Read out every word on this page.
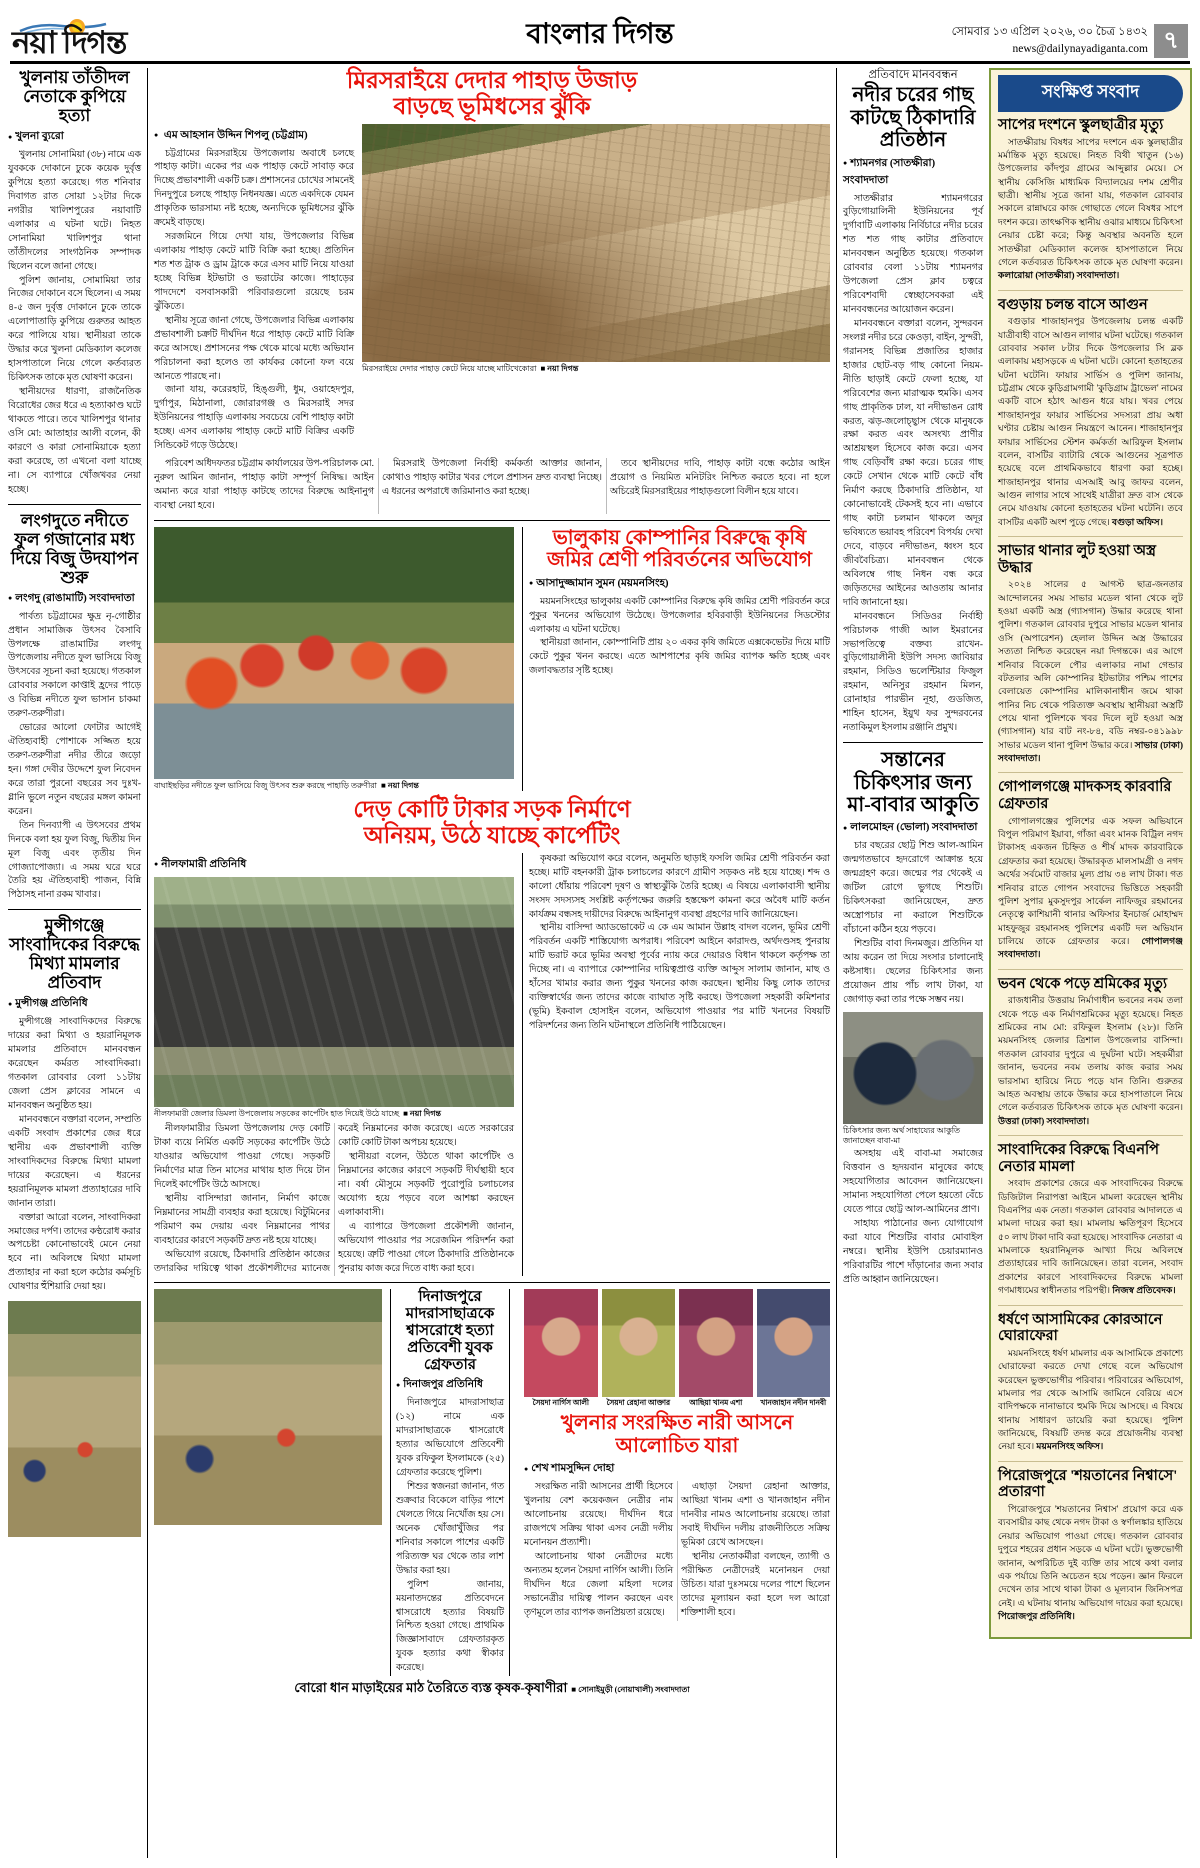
নয়া দিগন্ত	বাংলার দিগন্ত	সোমবার ১৩ এপ্রিল ২০২৬, ৩০ চৈত্র ১৪৩২
news@dailynayadiganta.com ৭
খুলনায় তাঁতীদল নেতাকে কুপিয়ে হত্যা
● খুলনা ব্যুরো

খুলনায় সোনামিয়া (৩৮) নামে এক যুবককে দোকানে ঢুকে কয়েক দুর্বৃত্ত কুপিয়ে হত্যা করেছে। গত শনিবার দিবাগত রাত সোয়া ১২টার দিকে নগরীর খালিশপুরের নয়াবাটি এলাকার এ ঘটনা ঘটে। নিহত সোনামিয়া খালিশপুর থানা তাঁতীদলের সাংগঠনিক সম্পাদক ছিলেন বলে জানা গেছে।

পুলিশ জানায়, সোমামিয়া তার নিজের দোকানে বসে ছিলেন। এ সময় ৪-৫ জন দুর্বৃত্ত দোকানে ঢুকে তাকে এলোপাতাড়ি কুপিয়ে গুরুতর আহত করে পালিয়ে যায়। স্থানীয়রা তাকে উদ্ধার করে খুলনা মেডিক্যাল কলেজ হাসপাতালে নিয়ে গেলে কর্তব্যরত চিকিৎসক তাকে মৃত ঘোষণা করেন।

স্থানীয়দের ধারণা, রাজনৈতিক বিরোধের জের ধরে এ হত্যাকাণ্ড ঘটে থাকতে পারে। তবে খালিশপুর থানার ওসি মো: আতাহার আলী বলেন, কী কারণে ও কারা সোনামিয়াকে হত্যা করা করেছে, তা এখনো বলা যাচ্ছে না। সে ব্যাপারে খোঁজখবর নেয়া হচ্ছে।

লংগদুতে নদীতে ফুল গজানোর মধ্য দিয়ে বিজু উদযাপন শুরু
● লংগদু (রাঙামাটি) সংবাদদাতা

পার্বত্য চট্টগ্রামের ক্ষুদ্র নৃ-গোষ্ঠীর প্রধান সামাজিক উৎসব বৈসাবি উপলক্ষে রাঙামাটির লংগদু উপজেলায় নদীতে ফুল ভাসিয়ে বিজু উৎসবের সূচনা করা হয়েছে। গতকাল রোববার সকালে কাপ্তাই হ্রদের পাড়ে ও বিভিন্ন নদীতে ফুল ভাসান চাকমা তরুণ-তরুণীরা।

ভোরের আলো ফোটার আগেই ঐতিহ্যবাহী পোশাকে সজ্জিত হয়ে তরুণ-তরুণীরা নদীর তীরে জড়ো হন। গঙ্গা দেবীর উদ্দেশে ফুল নিবেদন করে তারা পুরনো বছরের সব দুঃখ-গ্লানি ভুলে নতুন বছরের মঙ্গল কামনা করেন।

তিন দিনব্যাপী এ উৎসবের প্রথম দিনকে বলা হয় ফুল বিজু, দ্বিতীয় দিন মূল বিজু এবং তৃতীয় দিন গোজ্যাপোজ্যা। এ সময় ঘরে ঘরে তৈরি হয় ঐতিহ্যবাহী পাজন, বিন্নি পিঠাসহ নানা রকম খাবার।

মুন্সীগঞ্জে সাংবাদিকের বিরুদ্ধে মিথ্যা মামলার প্রতিবাদ
● মুন্সীগঞ্জ প্রতিনিধি

মুন্সীগঞ্জে সাংবাদিকদের বিরুদ্ধে দায়ের করা মিথ্যা ও হয়রানিমূলক মামলার প্রতিবাদে মানববন্ধন করেছেন কর্মরত সাংবাদিকরা। গতকাল রোববার বেলা ১১টায় জেলা প্রেস ক্লাবের সামনে এ মানববন্ধন অনুষ্ঠিত হয়।

মানববন্ধনে বক্তারা বলেন, সম্প্রতি একটি সংবাদ প্রকাশের জের ধরে স্থানীয় এক প্রভাবশালী ব্যক্তি সাংবাদিকদের বিরুদ্ধে মিথ্যা মামলা দায়ের করেছেন। এ ধরনের হয়রানিমূলক মামলা প্রত্যাহারের দাবি জানান তারা।

বক্তারা আরো বলেন, সাংবাদিকরা সমাজের দর্পণ। তাদের কণ্ঠরোধ করার অপচেষ্টা কোনোভাবেই মেনে নেয়া হবে না। অবিলম্বে মিথ্যা মামলা প্রত্যাহার না করা হলে কঠোর কর্মসূচি ঘোষণার হুঁশিয়ারি দেয়া হয়।

মিরসরাইয়ে দেদার পাহাড় উজাড়
বাড়ছে ভূমিধসের ঝুঁকি
● এম আহসান উদ্দিন শিপলু (চট্টগ্রাম)

চট্টগ্রামের মিরসরাইয়ে উপজেলায় অবাধে চলছে পাহাড় কাটা। একের পর এক পাহাড় কেটে সাবাড় করে দিচ্ছে প্রভাবশালী একটি চক্র। প্রশাসনের চোখের সামনেই দিনদুপুরে চলছে পাহাড় নিধনযজ্ঞ। এতে একদিকে যেমন প্রাকৃতিক ভারসাম্য নষ্ট হচ্ছে, অন্যদিকে ভূমিধসের ঝুঁকি ক্রমেই বাড়ছে।

সরজমিনে গিয়ে দেখা যায়, উপজেলার বিভিন্ন এলাকায় পাহাড় কেটে মাটি বিক্রি করা হচ্ছে। প্রতিদিন শত শত ট্রাক ও ড্রাম ট্রাকে করে এসব মাটি নিয়ে যাওয়া হচ্ছে বিভিন্ন ইটভাটা ও ভরাটের কাজে। পাহাড়ের পাদদেশে বসবাসকারী পরিবারগুলো রয়েছে চরম ঝুঁকিতে।

স্থানীয় সূত্রে জানা গেছে, উপজেলার বিভিন্ন এলাকায় প্রভাবশালী চক্রটি দীর্ঘদিন ধরে পাহাড় কেটে মাটি বিক্রি করে আসছে। প্রশাসনের পক্ষ থেকে মাঝে মধ্যে অভিযান পরিচালনা করা হলেও তা কার্যকর কোনো ফল বয়ে আনতে পারছে না।

জানা যায়, করেরহাট, হিঙ্গুলী, ধুম, ওয়াহেদপুর, দুর্গাপুর, মিঠানালা, জোরারগঞ্জ ও মিরসরাই সদর ইউনিয়নের পাহাড়ি এলাকায় সবচেয়ে বেশি পাহাড় কাটা হচ্ছে। এসব এলাকায় পাহাড় কেটে মাটি বিক্রির একটি সিন্ডিকেট গড়ে উঠেছে।

মিরসরাইয়ে দেদার পাহাড় কেটে নিয়ে যাচ্ছে মাটিখেকোরা  ■ নয়া দিগন্ত

পরিবেশ অধিদফতর চট্টগ্রাম কার্যালয়ের উপ-পরিচালক মো. নুরুল আমিন জানান, পাহাড় কাটা সম্পূর্ণ নিষিদ্ধ। আইন অমান্য করে যারা পাহাড় কাটছে তাদের বিরুদ্ধে আইনানুগ ব্যবস্থা নেয়া হবে।

মিরসরাই উপজেলা নির্বাহী কর্মকর্তা আক্তার জানান, কোথাও পাহাড় কাটার খবর পেলে প্রশাসন দ্রুত ব্যবস্থা নিচ্ছে। এ ধরনের অপরাধে জরিমানাও করা হচ্ছে।

তবে স্থানীয়দের দাবি, পাহাড় কাটা বন্ধে কঠোর আইন প্রয়োগ ও নিয়মিত মনিটরিং নিশ্চিত করতে হবে। না হলে অচিরেই মিরসরাইয়ের পাহাড়গুলো বিলীন হয়ে যাবে।

বাঘাইছড়ির নদীতে ফুল ভাসিয়ে বিজু উৎসব শুরু করছে পাহাড়ি তরুণীরা  ■ নয়া দিগন্ত
ভালুকায় কোম্পানির বিরুদ্ধে কৃষি জমির শ্রেণী পরিবর্তনের অভিযোগ
● আসাদুজ্জামান সুমন (ময়মনসিংহ)

ময়মনসিংহের ভালুকায় একটি কোম্পানির বিরুদ্ধে কৃষি জমির শ্রেণী পরিবর্তন করে পুকুর খননের অভিযোগ উঠেছে। উপজেলার হবিরবাড়ী ইউনিয়নের সিডস্টোর এলাকায় এ ঘটনা ঘটেছে।

স্থানীয়রা জানান, কোম্পানিটি প্রায় ২০ একর কৃষি জমিতে এক্সকেভেটর দিয়ে মাটি কেটে পুকুর খনন করছে। এতে আশপাশের কৃষি জমির ব্যাপক ক্ষতি হচ্ছে এবং জলাবদ্ধতার সৃষ্টি হচ্ছে।

দেড় কোটি টাকার সড়ক নির্মাণে
অনিয়ম, উঠে যাচ্ছে কার্পেটিং
● নীলফামারী প্রতিনিধি
নীলফামারী জেলার ডিমলা উপজেলায় সড়কের কার্পেটিং হাত দিয়েই উঠে যাচ্ছে  ■ নয়া দিগন্ত

নীলফামারীর ডিমলা উপজেলায় দেড় কোটি টাকা ব্যয়ে নির্মিত একটি সড়কের কার্পেটিং উঠে যাওয়ার অভিযোগ পাওয়া গেছে। সড়কটি নির্মাণের মাত্র তিন মাসের মাথায় হাত দিয়ে টান দিলেই কার্পেটিং উঠে আসছে।

স্থানীয় বাসিন্দারা জানান, নির্মাণ কাজে নিম্নমানের সামগ্রী ব্যবহার করা হয়েছে। বিটুমিনের পরিমাণ কম দেয়ায় এবং নিম্নমানের পাথর ব্যবহারের কারণে সড়কটি দ্রুত নষ্ট হয়ে যাচ্ছে।

অভিযোগ রয়েছে, ঠিকাদারি প্রতিষ্ঠান কাজের তদারকির দায়িত্বে থাকা প্রকৌশলীদের ম্যানেজ করেই নিম্নমানের কাজ করেছে। এতে সরকারের কোটি কোটি টাকা অপচয় হয়েছে।

স্থানীয়রা বলেন, উঠতে থাকা কার্পেটিং ও নিম্নমানের কাজের কারণে সড়কটি দীর্ঘস্থায়ী হবে না। বর্ষা মৌসুমে সড়কটি পুরোপুরি চলাচলের অযোগ্য হয়ে পড়বে বলে আশঙ্কা করছেন এলাকাবাসী।

এ ব্যাপারে উপজেলা প্রকৌশলী জানান, অভিযোগ পাওয়ার পর সরেজমিন পরিদর্শন করা হয়েছে। ত্রুটি পাওয়া গেলে ঠিকাদারি প্রতিষ্ঠানকে পুনরায় কাজ করে দিতে বাধ্য করা হবে।

কৃষকরা অভিযোগ করে বলেন, অনুমতি ছাড়াই ফসলি জমির শ্রেণী পরিবর্তন করা হচ্ছে। মাটি বহনকারী ট্রাক চলাচলের কারণে গ্রামীণ সড়কও নষ্ট হয়ে যাচ্ছে। শব্দ ও কালো ধোঁয়ায় পরিবেশ দূষণ ও স্বাস্থ্যঝুঁকি তৈরি হচ্ছে। এ বিষয়ে এলাকাবাসী স্থানীয় সংসদ সদস্যসহ সংশ্লিষ্ট কর্তৃপক্ষের জরুরি হস্তক্ষেপ কামনা করে অবৈধ মাটি কর্তন কার্যক্রম বন্ধসহ দায়ীদের বিরুদ্ধে আইনানুগ ব্যবস্থা গ্রহণের দাবি জানিয়েছেন।

স্থানীয় বাসিন্দা অ্যাডভোকেট এ কে এম আমান উল্লাহ বাদল বলেন, ভূমির শ্রেণী পরিবর্তন একটি শাস্তিযোগ্য অপরাধ। পরিবেশ আইনে কারাদণ্ড, অর্থদণ্ডসহ পুনরায় মাটি ভরাট করে ভূমির অবস্থা পূর্বের ন্যায় করে দেয়ারও বিধান থাকলে কর্তৃপক্ষ তা দিচ্ছে না। এ ব্যাপারে কোম্পানির দায়িত্বপ্রাপ্ত ব্যক্তি আব্দুস সালাম জানান, মাছ ও হাঁসের খামার করার জন্য পুকুর খননের কাজ করছেন। স্থানীয় কিছু লোক তাদের ব্যক্তিস্বার্থের জন্য তাদের কাজে ব্যাঘাত সৃষ্টি করছে। উপজেলা সহকারী কমিশনার (ভূমি) ইকবাল হোসাইন বলেন, অভিযোগ পাওয়ার পর মাটি খননের বিষয়টি পরিদর্শনের জন্য তিনি ঘটনাস্থলে প্রতিনিধি পাঠিয়েছেন।

দিনাজপুরে মাদরাসাছাত্রকে শ্বাসরোধে হত্যা
প্রতিবেশী যুবক গ্রেফতার
● দিনাজপুর প্রতিনিধি

দিনাজপুরে মাদরাসাছাত্র (১২) নামে এক মাদরাসাছাত্রকে শ্বাসরোধে হত্যার অভিযোগে প্রতিবেশী যুবক রফিকুল ইসলামকে (২৫) গ্রেফতার করেছে পুলিশ।

শিশুর স্বজনরা জানান, গত শুক্রবার বিকেলে বাড়ির পাশে খেলতে গিয়ে নিখোঁজ হয় সে। অনেক খোঁজাখুঁজির পর শনিবার সকালে পাশের একটি পরিত্যক্ত ঘর থেকে তার লাশ উদ্ধার করা হয়।

পুলিশ জানায়, ময়নাতদন্তের প্রতিবেদনে শ্বাসরোধে হত্যার বিষয়টি নিশ্চিত হওয়া গেছে। প্রাথমিক জিজ্ঞাসাবাদে গ্রেফতারকৃত যুবক হত্যার কথা স্বীকার করেছে।

সৈয়দা নার্গিস আলী	সৈয়দা রেহানা আক্তার	আছিয়া খানম এশা	খানজাহান নদীন দানবী
খুলনার সংরক্ষিত নারী আসনে
আলোচিত যারা
● শেখ শামসুদ্দিন দোহা

সংরক্ষিত নারী আসনের প্রার্থী হিসেবে খুলনায় বেশ কয়েকজন নেত্রীর নাম আলোচনায় রয়েছে। দীর্ঘদিন ধরে রাজপথে সক্রিয় থাকা এসব নেত্রী দলীয় মনোনয়ন প্রত্যাশী।

আলোচনায় থাকা নেত্রীদের মধ্যে অন্যতম হলেন সৈয়দা নার্গিস আলী। তিনি দীর্ঘদিন ধরে জেলা মহিলা দলের সভানেত্রীর দায়িত্ব পালন করছেন এবং তৃণমূলে তার ব্যাপক জনপ্রিয়তা রয়েছে।

এছাড়া সৈয়দা রেহানা আক্তার, আছিয়া খানম এশা ও খানজাহান নদীন দানবীর নামও আলোচনায় রয়েছে। তারা সবাই দীর্ঘদিন দলীয় রাজনীতিতে সক্রিয় ভূমিকা রেখে আসছেন।

স্থানীয় নেতাকর্মীরা বলছেন, ত্যাগী ও পরীক্ষিত নেত্রীদেরই মনোনয়ন দেয়া উচিত। যারা দুঃসময়ে দলের পাশে ছিলেন তাদের মূল্যায়ন করা হলে দল আরো শক্তিশালী হবে।

বোরো ধান মাড়াইয়ের মাঠ তৈরিতে ব্যস্ত কৃষক-কৃষাণীরা  ■ সোনাইমুড়ী (নোয়াখালী) সংবাদদাতা
প্রতিবাদে মানববন্ধন
নদীর চরের গাছ কাটছে ঠিকাদারি প্রতিষ্ঠান
● শ্যামনগর (সাতক্ষীরা) সংবাদদাতা

সাতক্ষীরার শ্যামনগরের বুড়িগোয়ালিনী ইউনিয়নের পূর্ব দুর্গাবাটি এলাকায় নির্বিচারে নদীর চরের শত শত গাছ কাটার প্রতিবাদে মানববন্ধন অনুষ্ঠিত হয়েছে। গতকাল রোববার বেলা ১১টায় শ্যামনগর উপজেলা প্রেস ক্লাব চত্বরে পরিবেশবাদী স্বেচ্ছাসেবকরা এই মানববন্ধনের আয়োজন করেন।

মানববন্ধনে বক্তারা বলেন, সুন্দরবন সংলগ্ন নদীর চরে কেওড়া, বাইন, সুন্দরী, গরানসহ বিভিন্ন প্রজাতির হাজার হাজার ছোট-বড় গাছ কোনো নিয়ম-নীতি ছাড়াই কেটে ফেলা হচ্ছে, যা পরিবেশের জন্য মারাত্মক হুমকি। এসব গাছ প্রাকৃতিক ঢাল, যা নদীভাঙন রোধ করত, ঝড়-জলোচ্ছ্বাস থেকে মানুষকে রক্ষা করত এবং অসংখ্য প্রাণীর আশ্রয়স্থল হিসেবে কাজ করে। এসব গাছ বেড়িবাঁধ রক্ষা করে। চরের গাছ কেটে সেখান থেকে মাটি কেটে বাঁধ নির্মাণ করছে ঠিকাদারি প্রতিষ্ঠান, যা কোনোভাবেই টেকসই হবে না। এভাবে গাছ কাটা চলমান থাকলে অদূর ভবিষ্যতে ভয়াবহ পরিবেশ বিপর্যয় দেখা দেবে, বাড়বে নদীভাঙন, ধ্বংস হবে জীববৈচিত্র্য। মানববন্ধন থেকে অবিলম্বে গাছ নিধন বন্ধ করে জড়িতদের আইনের আওতায় আনার দাবি জানানো হয়।

মানববন্ধনে সিডিওর নির্বাহী পরিচালক গাজী আল ইমরানের সভাপতিত্বে বক্তব্য রাখেন- বুড়িগোয়ালীনী ইউপি সদস্য জাবিয়ার রহমান, সিডিও ভলেন্টিয়ার ফিজুল রহমান, অনিসুর রহমান মিলন, রোনাহার পারভীন নূহা, গুডজিত, শাহিন হাসেন, ইয়ুথ ফর সুন্দরবনের নতাকিমুল ইসলাম রঞ্জানি প্রমুখ।

সন্তানের চিকিৎসার জন্য মা-বাবার আকুতি
● লালমোহন (ভোলা) সংবাদদাতা

চার বছরের ছোট্ট শিশু আল-আমিন জন্মগতভাবে হৃদরোগে আক্রান্ত হয়ে জন্মগ্রহণ করে। জন্মের পর থেকেই এ জটিল রোগে ভুগছে শিশুটি। চিকিৎসকরা জানিয়েছেন, দ্রুত অস্ত্রোপচার না করালে শিশুটিকে বাঁচানো কঠিন হয়ে পড়বে।

শিশুটির বাবা দিনমজুর। প্রতিদিন যা আয় করেন তা দিয়ে সংসার চালানোই কষ্টসাধ্য। ছেলের চিকিৎসার জন্য প্রয়োজন প্রায় পাঁচ লাখ টাকা, যা জোগাড় করা তার পক্ষে সম্ভব নয়।

চিকিৎসার জন্য অর্থ সাহায্যের আকুতি জানাচ্ছেন বাবা-মা

অসহায় এই বাবা-মা সমাজের বিত্তবান ও হৃদয়বান মানুষের কাছে সহযোগিতার আবেদন জানিয়েছেন। সামান্য সহযোগিতা পেলে হয়তো বেঁচে যেতে পারে ছোট্ট আল-আমিনের প্রাণ।

সাহায্য পাঠানোর জন্য যোগাযোগ করা যাবে শিশুটির বাবার মোবাইল নম্বরে। স্থানীয় ইউপি চেয়ারম্যানও পরিবারটির পাশে দাঁড়ানোর জন্য সবার প্রতি আহ্বান জানিয়েছেন।

সংক্ষিপ্ত সংবাদ
সাপের দংশনে স্কুলছাত্রীর মৃত্যু

সাতক্ষীরায় বিষধর সাপের দংশনে এক স্কুলছাত্রীর মর্মান্তিক মৃত্যু হয়েছে। নিহত বিথী খাতুন (১৬) উপজেলার কাঁদপুর গ্রামের আব্দুল্লার মেয়ে। সে স্থানীয় কেসিজি মাধ্যমিক বিদ্যালয়ের দশম শ্রেণীর ছাত্রী। স্থানীয় সূত্রে জানা যায়, গতকাল রোববার সকালে রান্নাঘরে কাজ গোছাতে গেলে বিষধর সাপে দংশন করে। তাৎক্ষণিক স্থানীয় ওঝার মাধ্যমে চিকিৎসা নেয়ার চেষ্টা করে; কিন্তু অবস্থার অবনতি হলে সাতক্ষীরা মেডিক্যাল কলেজ হাসপাতালে নিয়ে গেলে কর্তব্যরত চিকিৎসক তাকে মৃত ঘোষণা করেন। কলারোয়া (সাতক্ষীরা) সংবাদদাতা।

বগুড়ায় চলন্ত বাসে আগুন

বগুড়ার শাজাহানপুর উপজেলায় চলন্ত একটি যাত্রীবাহী বাসে আগুন লাগার ঘটনা ঘটেছে। গতকাল রোববার সকাল ৮টার দিকে উপজেলার সি ব্লক এলাকায় মহাসড়কে এ ঘটনা ঘটে। কোনো হতাহতের ঘটনা ঘটেনি। ফায়ার সার্ভিস ও পুলিশ জানায়, চট্টগ্রাম থেকে কুড়িগ্রামগামী 'কুড়িগ্রাম ট্রাভেল' নামের একটি বাসে হঠাৎ আগুন ধরে যায়। খবর পেয়ে শাজাহানপুর ফায়ার সার্ভিসের সদস্যরা প্রায় অধা ঘণ্টার চেষ্টায় আগুন নিয়ন্ত্রণে আনেন। শাজাহানপুর ফায়ার সার্ভিসের স্টেশন কর্মকর্তা আরিফুল ইসলাম বলেন, বাসটির ব্যাটারি থেকে আগুনের সূত্রপাত হয়েছে বলে প্রাথমিকভাবে ধারণা করা হচ্ছে। শাজাহানপুর থানার এসআই আবু জাফর বলেন, আগুন লাগার সাথে সাথেই যাত্রীরা দ্রুত বাস থেকে নেমে যাওয়ায় কোনো হতাহতের ঘটনা ঘটেনি। তবে বাসটির একটি অংশ পুড়ে গেছে। বগুড়া অফিস।

সাভার থানার লুট হওয়া অস্ত্র উদ্ধার

২০২৪ সালের ৫ আগস্ট ছাত্র-জনতার আন্দোলনের সময় সাভার মডেল থানা থেকে লুট হওয়া একটি অস্ত্র (গ্যাসগান) উদ্ধার করেছে থানা পুলিশ। গতকাল রোববার দুপুরে সাভার মডেল থানার ওসি (অপারেশন) হেলাল উদ্দিন অস্ত্র উদ্ধারের সত্যতা নিশ্চিত করেছেন নয়া দিগন্তকে। এর আগে শনিবার বিকেলে পৌর এলাকার নামা গেন্ডার বটতলার অলি কোম্পানির ইটভাটার পশ্চিম পাশের বেলায়েত কোম্পানির মালিকানাধীন জমে থাকা পানির নিচ থেকে পরিত্যক্ত অবস্থায় স্থানীয়রা অস্ত্রটি পেয়ে থানা পুলিশকে খবর দিলে লুট হওয়া অস্ত্র (গ্যাসগান) যার বাট নং-৮৪, বডি নম্বর-০৪১৯৯৮ সাভার মডেল থানা পুলিশ উদ্ধার করে। সাভার (ঢাকা) সংবাদদাতা।

গোপালগঞ্জে মাদকসহ কারবারি গ্রেফতার

গোপালগঞ্জের পুলিশের এক সফল অভিযানে বিপুল পরিমাণ ইয়াবা, গাঁজা এবং মানক বিট্রিল নগদ টাকাসহ একজন চিহ্নিত ও শীর্ষ মাদক কারবারিকে গ্রেফতার করা হয়েছে। উদ্ধারকৃত মালসামগ্রী ও নগদ অর্থের সর্বমোট বাজার মূল্য প্রায় ৩৪ লাখ টাকা। গত শনিবার রাতে গোপন সংবাদের ভিত্তিতে সহকারী পুলিশ সুপার মুকসুদপুর সার্কেল নাফিজুর রহমানের নেতৃত্বে কাশিয়ানী থানার অফিসার ইনচার্জ মোহাম্মদ মাহফুজুর রহমানসহ পুলিশের একটি দল অভিযান চালিয়ে তাকে গ্রেফতার করে। গোপালগঞ্জ সংবাদদাতা।

ভবন থেকে পড়ে শ্রমিকের মৃত্যু

রাজধানীর উত্তরায় নির্মাণাধীন ভবনের নবম তলা থেকে পড়ে এক নির্মাণশ্রমিকের মৃত্যু হয়েছে। নিহত শ্রমিকের নাম মো: রফিকুল ইসলাম (২৮)। তিনি ময়মনসিংহ জেলার ত্রিশাল উপজেলার বাসিন্দা। গতকাল রোববার দুপুরে এ দুর্ঘটনা ঘটে। সহকর্মীরা জানান, ভবনের নবম তলায় কাজ করার সময় ভারসাম্য হারিয়ে নিচে পড়ে যান তিনি। গুরুতর আহত অবস্থায় তাকে উদ্ধার করে হাসপাতালে নিয়ে গেলে কর্তব্যরত চিকিৎসক তাকে মৃত ঘোষণা করেন। উত্তরা (ঢাকা) সংবাদদাতা।

সাংবাদিকের বিরুদ্ধে বিএনপি নেতার মামলা

সংবাদ প্রকাশের জেরে এক সাংবাদিকের বিরুদ্ধে ডিজিটাল নিরাপত্তা আইনে মামলা করেছেন স্থানীয় বিএনপির এক নেতা। গতকাল রোববার আদালতে এ মামলা দায়ের করা হয়। মামলায় ক্ষতিপূরণ হিসেবে ৫০ লাখ টাকা দাবি করা হয়েছে। সাংবাদিক নেতারা এ মামলাকে হয়রানিমূলক আখ্যা দিয়ে অবিলম্বে প্রত্যাহারের দাবি জানিয়েছেন। তারা বলেন, সংবাদ প্রকাশের কারণে সাংবাদিকদের বিরুদ্ধে মামলা গণমাধ্যমের স্বাধীনতার পরিপন্থী। নিজস্ব প্রতিবেদক।

ধর্ষণে আসামিকের কোরআনে ঘোরাফেরা

ময়মনসিংহে ধর্ষণ মামলার এক আসামিকে প্রকাশ্যে ঘোরাফেরা করতে দেখা গেছে বলে অভিযোগ করেছেন ভুক্তভোগীর পরিবার। পরিবারের অভিযোগ, মামলার পর থেকে আসামি জামিনে বেরিয়ে এসে বাদিপক্ষকে নানাভাবে হুমকি দিয়ে আসছে। এ বিষয়ে থানায় সাধারণ ডায়েরি করা হয়েছে। পুলিশ জানিয়েছে, বিষয়টি তদন্ত করে প্রয়োজনীয় ব্যবস্থা নেয়া হবে। ময়মনসিংহ অফিস।

পিরোজপুরে 'শয়তানের নিশ্বাসে' প্রতারণা

পিরোজপুরে 'শয়তানের নিশ্বাস' প্রয়োগ করে এক ব্যবসায়ীর কাছ থেকে নগদ টাকা ও স্বর্ণালঙ্কার হাতিয়ে নেয়ার অভিযোগ পাওয়া গেছে। গতকাল রোববার দুপুরে শহরের প্রধান সড়কে এ ঘটনা ঘটে। ভুক্তভোগী জানান, অপরিচিত দুই ব্যক্তি তার সাথে কথা বলার এক পর্যায়ে তিনি অচেতন হয়ে পড়েন। জ্ঞান ফিরলে দেখেন তার সাথে থাকা টাকা ও মূল্যবান জিনিসপত্র নেই। এ ঘটনায় থানায় অভিযোগ দায়ের করা হয়েছে। পিরোজপুর প্রতিনিধি।
